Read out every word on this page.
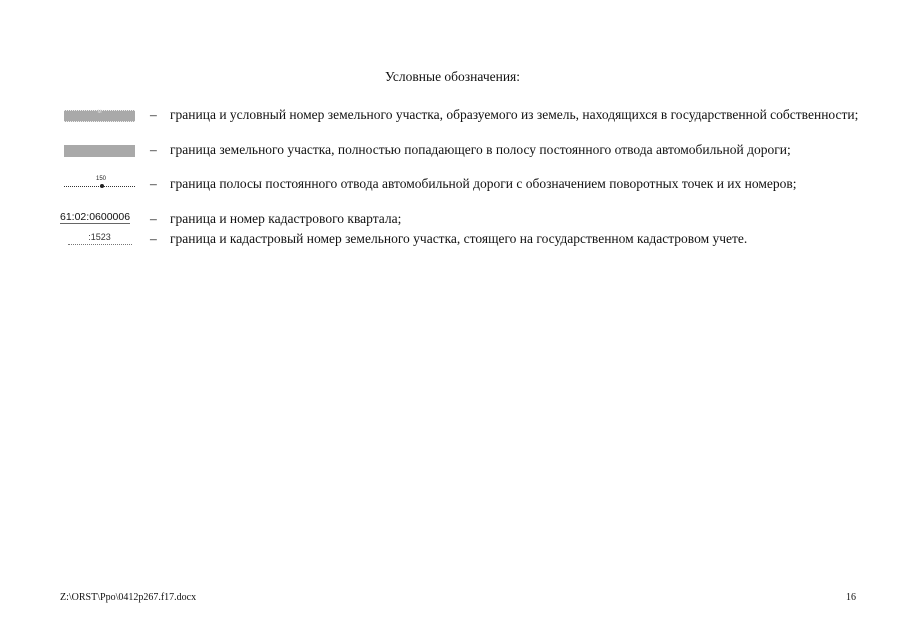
Условные обозначения:
м	– граница и условный номер земельного участка, образуемого из земель, находящихся в государственной собственности;
– граница земельного участка, полностью попадающего в полосу постоянного отвода автомобильной дороги;
150	– граница полосы постоянного отвода автомобильной дороги с обозначением поворотных точек и их номеров;
61:02:0600006 – граница и номер кадастрового квартала;
:1523	– граница и кадастровый номер земельного участка, стоящего на государственном кадастровом учете.
Z:\ORST\Ppo\0412p267.f17.docx	16
